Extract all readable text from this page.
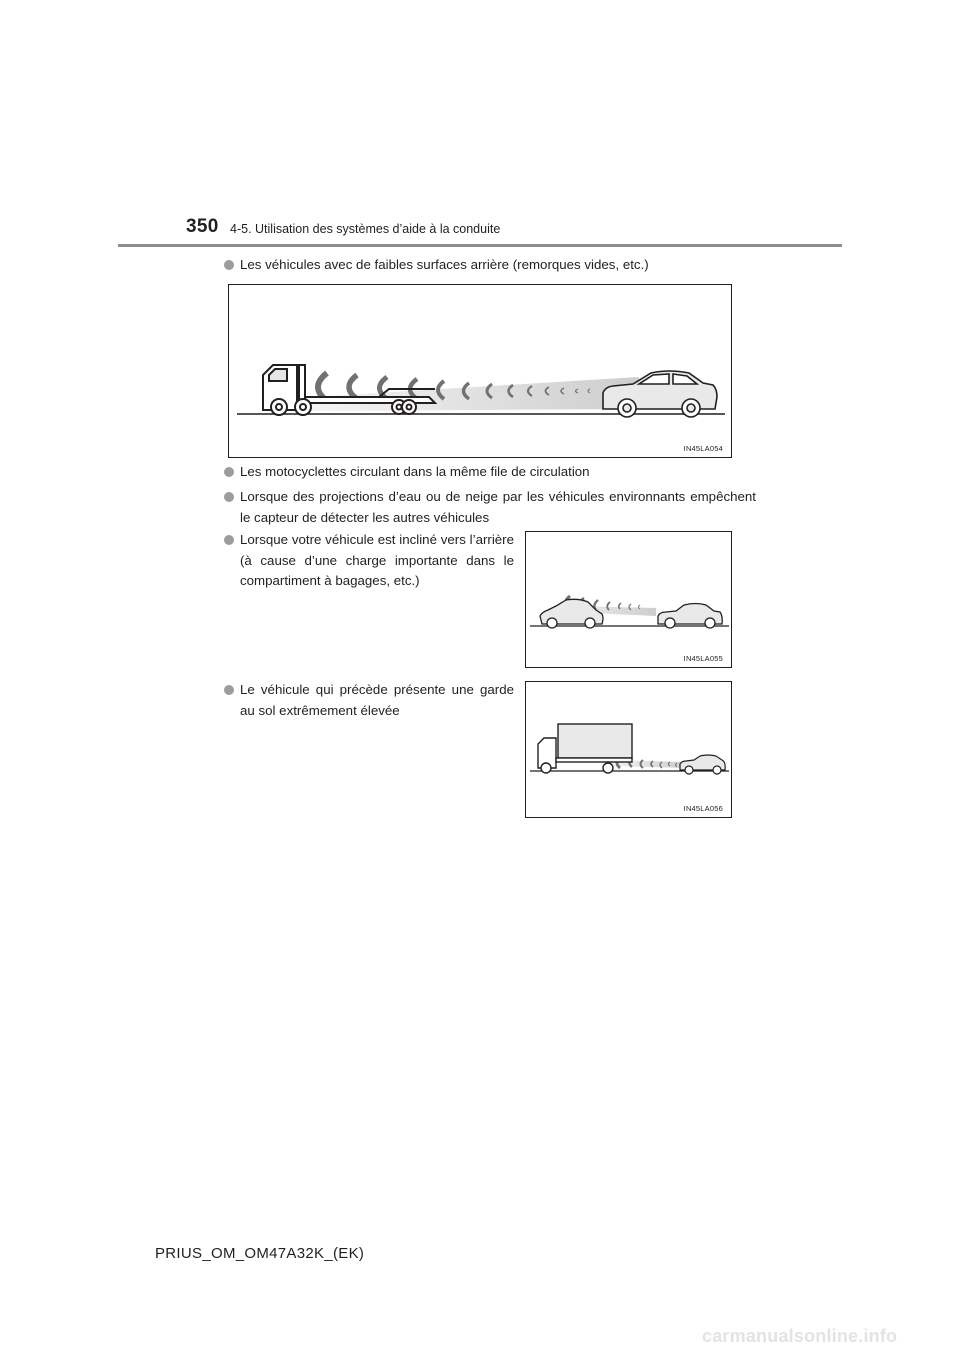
350 4-5. Utilisation des systèmes d’aide à la conduite
Les véhicules avec de faibles surfaces arrière (remorques vides, etc.)
IN45LA054
Les motocyclettes circulant dans la même file de circulation
Lorsque des projections d’eau ou de neige par les véhicules environnants empêchent le capteur de détecter les autres véhicules
Lorsque votre véhicule est incliné vers l’arrière (à cause d’une charge importante dans le compartiment à bagages, etc.)
IN45LA055
Le véhicule qui précède présente une garde au sol extrêmement élevée
IN45LA056
PRIUS_OM_OM47A32K_(EK)
carmanualsonline.info
